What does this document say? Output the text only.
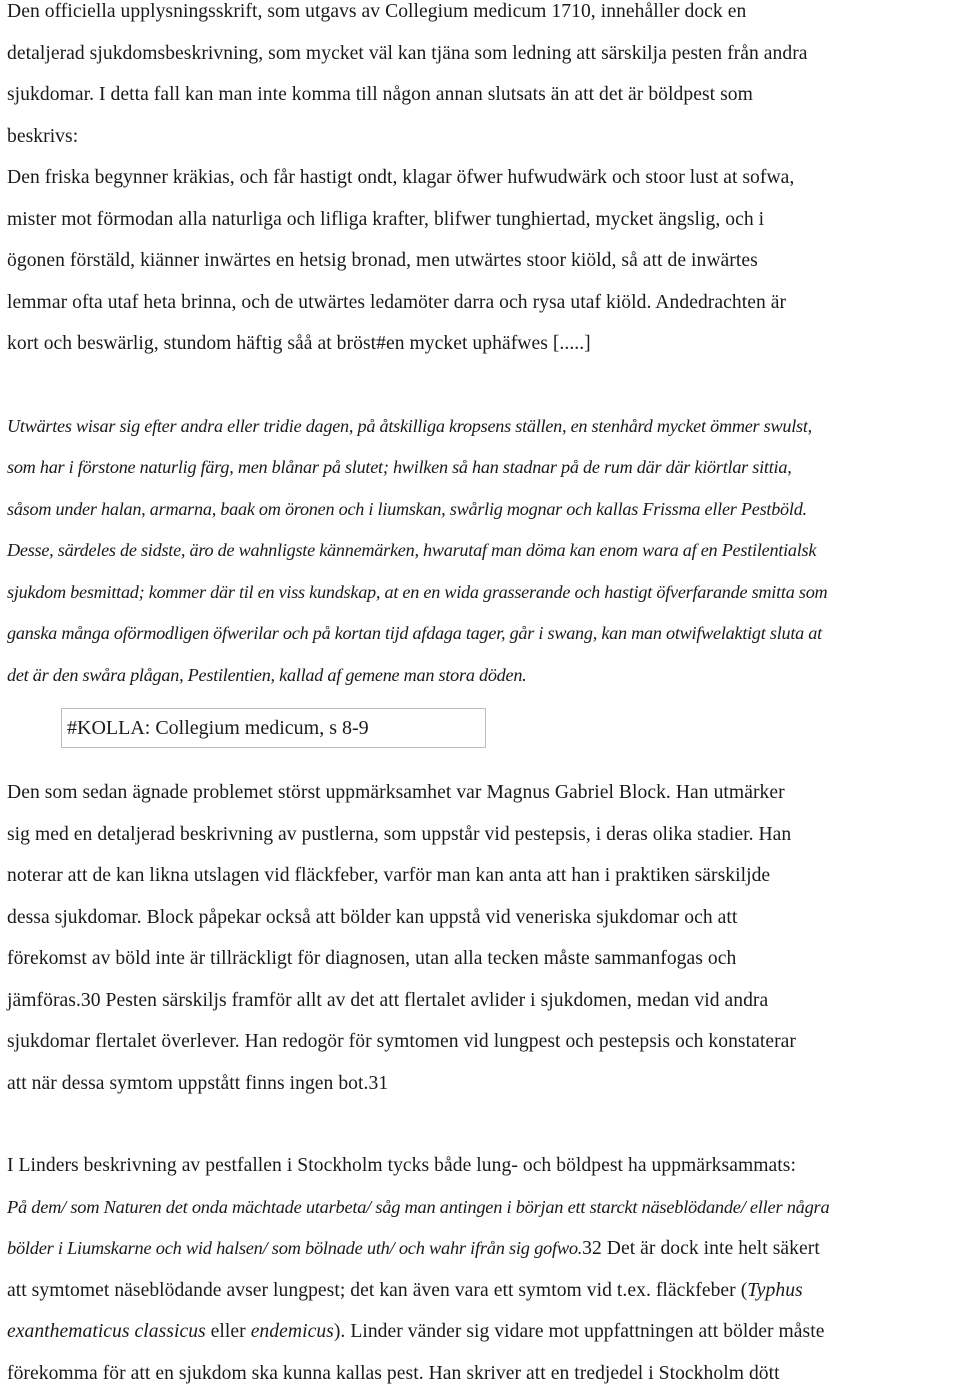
Den officiella upplysningsskrift, som utgavs av Collegium medicum 1710, innehåller dock en
detaljerad sjukdomsbeskrivning, som mycket väl kan tjäna som ledning att särskilja pesten från andra
sjukdomar. I detta fall kan man inte komma till någon annan slutsats än att det är böldpest som
beskrivs:

Den friska begynner kräkias, och får hastigt ondt, klagar öfwer hufwudwärk och stoor lust at sofwa,
mister mot förmodan alla naturliga och lifliga krafter, blifwer tunghiertad, mycket ängslig, och i
ögonen förstäld, kiänner inwärtes en hetsig bronad, men utwärtes stoor kiöld, så att de inwärtes
lemmar ofta utaf heta brinna, och de utwärtes ledamöter darra och rysa utaf kiöld. Andedrachten är
kort och beswärlig, stundom häftig såå at bröst#en mycket uphäfwes [.....]

Utwärtes wisar sig efter andra eller tridie dagen, på åtskilliga kropsens ställen, en stenhård mycket ömmer swulst,
som har i förstone naturlig färg, men blånar på slutet; hwilken så han stadnar på de rum där där kiörtlar sittia,
såsom under halan, armarna, baak om öronen och i liumskan, swårlig mognar och kallas Frissma eller Pestböld.
Desse, särdeles de sidste, äro de wahnligste kännemärken, hwarutaf man döma kan enom wara af en Pestilentialsk
sjukdom besmittad; kommer där til en viss kundskap, at en en wida grasserande och hastigt öfverfarande smitta som
ganska många oförmodligen öfwerilar och på kortan tijd afdaga tager, går i swang, kan man otwifwelaktigt sluta at
det är den swåra plågan, Pestilentien, kallad af gemene man stora döden.

#KOLLA: Collegium medicum, s 8-9

Den som sedan ägnade problemet störst uppmärksamhet var Magnus Gabriel Block. Han utmärker
sig med en detaljerad beskrivning av pustlerna, som uppstår vid pestepsis, i deras olika stadier. Han
noterar att de kan likna utslagen vid fläckfeber, varför man kan anta att han i praktiken särskiljde
dessa sjukdomar. Block påpekar också att bölder kan uppstå vid veneriska sjukdomar och att
förekomst av böld inte är tillräckligt för diagnosen, utan alla tecken måste sammanfogas och
jämföras.30 Pesten särskiljs framför allt av det att flertalet avlider i sjukdomen, medan vid andra
sjukdomar flertalet överlever. Han redogör för symtomen vid lungpest och pestepsis och konstaterar
att när dessa symtom uppstått finns ingen bot.31

I Linders beskrivning av pestfallen i Stockholm tycks både lung- och böldpest ha uppmärksammats:
På dem/ som Naturen det onda mächtade utarbeta/ såg man antingen i början ett starckt näseblödande/ eller några
bölder i Liumskarne och wid halsen/ som bölnade uth/ och wahr ifrån sig gofwo.32 Det är dock inte helt säkert
att symtomet näseblödande avser lungpest; det kan även vara ett symtom vid t.ex. fläckfeber (Typhus
exanthematicus classicus eller endemicus). Linder vänder sig vidare mot uppfattningen att bölder måste
förekomma för att en sjukdom ska kunna kallas pest. Han skriver att en tredjedel i Stockholm dött
